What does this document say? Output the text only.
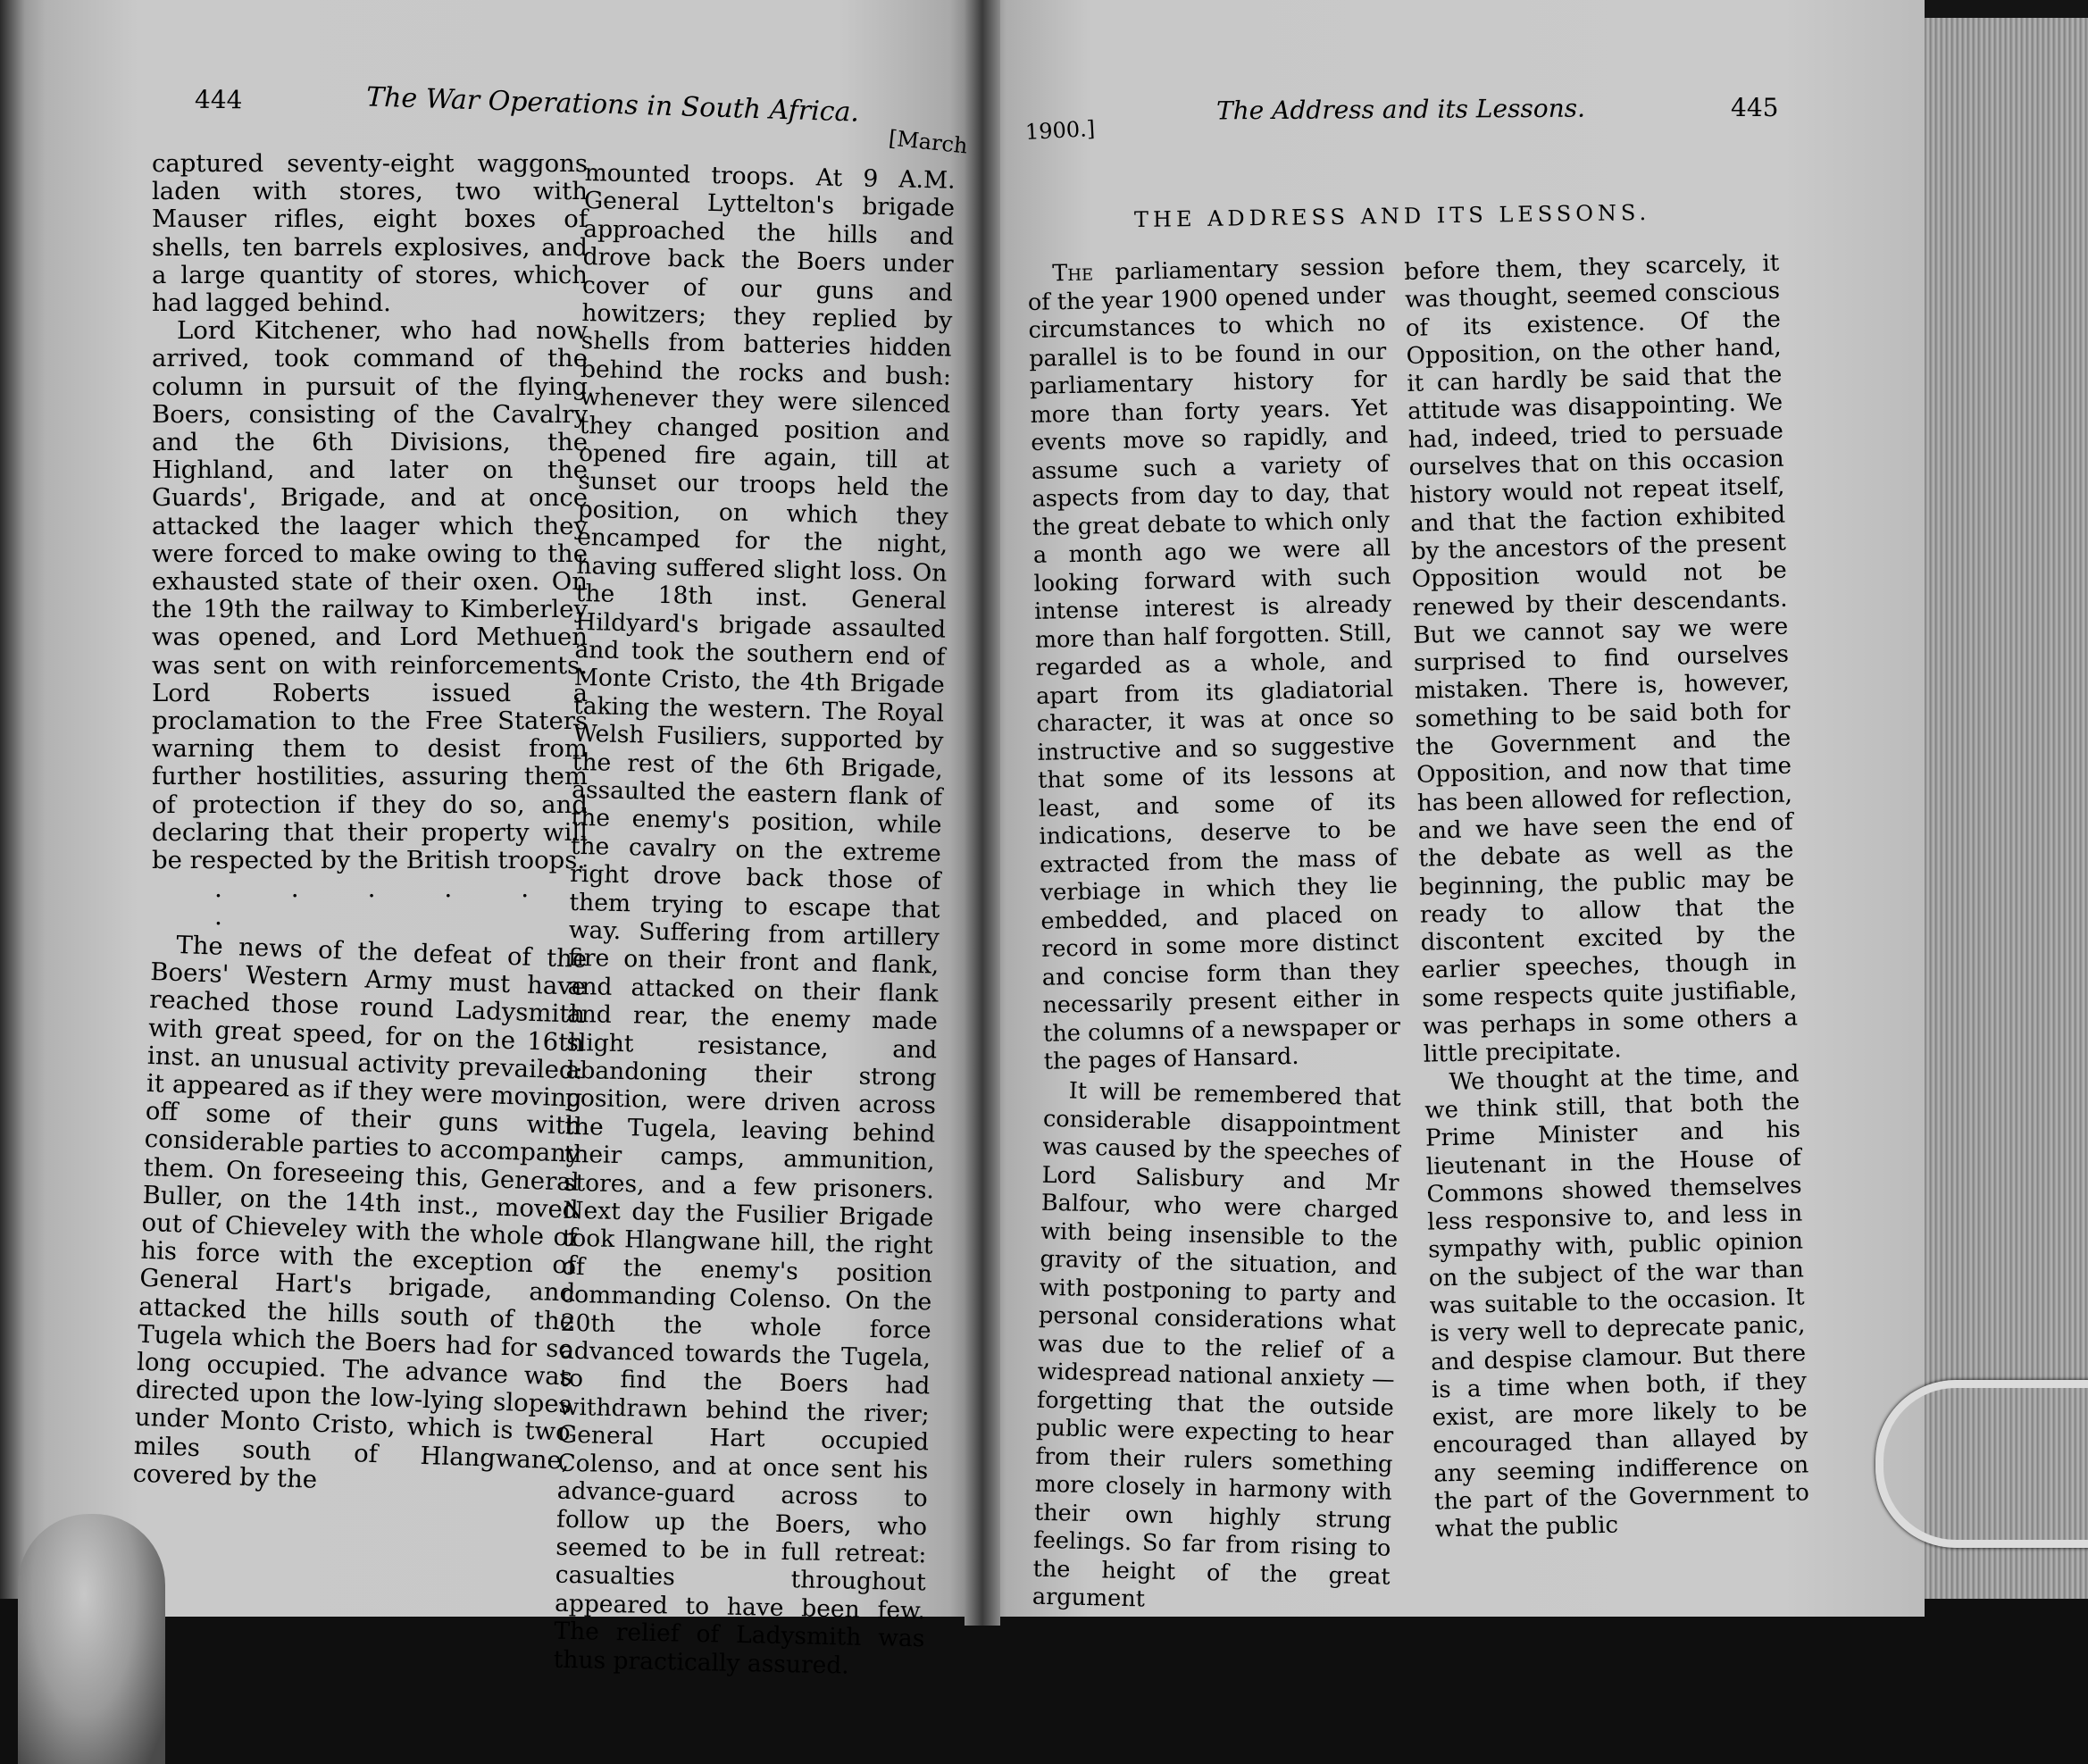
444	The War Operations in South Africa.
[March

captured seventy-eight waggons laden with stores, two with Mauser rifles, eight boxes of shells, ten barrels explosives, and a large quantity of stores, which had lagged behind.

Lord Kitchener, who had now arrived, took command of the column in pursuit of the flying Boers, consisting of the Cavalry and the 6th Divisions, the Highland, and later on the Guards', Brigade, and at once attacked the laager which they were forced to make owing to the exhausted state of their oxen. On the 19th the railway to Kimberley was opened, and Lord Methuen was sent on with reinforcements. Lord Roberts issued a proclamation to the Free Staters warning them to desist from further hostilities, assuring them of protection if they do so, and declaring that their property will be respected by the British troops.

. . . . . .

The news of the defeat of the Boers' Western Army must have reached those round Ladysmith with great speed, for on the 16th inst. an unusual activity prevailed: it appeared as if they were moving off some of their guns with considerable parties to accompany them. On foreseeing this, General Buller, on the 14th inst., moved out of Chieveley with the whole of his force with the exception of General Hart's brigade, and attacked the hills south of the Tugela which the Boers had for so long occupied. The advance was directed upon the low-lying slopes under Monto Cristo, which is two miles south of Hlangwane, covered by the

mounted troops. At 9 A.M. General Lyttelton's brigade approached the hills and drove back the Boers under cover of our guns and howitzers; they replied by shells from batteries hidden behind the rocks and bush: whenever they were silenced they changed position and opened fire again, till at sunset our troops held the position, on which they encamped for the night, having suffered slight loss. On the 18th inst. General Hildyard's brigade assaulted and took the southern end of Monte Cristo, the 4th Brigade taking the western. The Royal Welsh Fusiliers, supported by the rest of the 6th Brigade, assaulted the eastern flank of the enemy's position, while the cavalry on the extreme right drove back those of them trying to escape that way. Suffering from artillery fire on their front and flank, and attacked on their flank and rear, the enemy made slight resistance, and abandoning their strong position, were driven across the Tugela, leaving behind their camps, ammunition, stores, and a few prisoners. Next day the Fusilier Brigade took Hlangwane hill, the right of the enemy's position commanding Colenso. On the 20th the whole force advanced towards the Tugela, to find the Boers had withdrawn behind the river; General Hart occupied Colenso, and at once sent his advance-guard across to follow up the Boers, who seemed to be in full retreat: casualties throughout appeared to have been few. The relief of Ladysmith was thus practically assured.

1900.]
The Address and its Lessons.	445
THE ADDRESS AND ITS LESSONS.

The parliamentary session of the year 1900 opened under circumstances to which no parallel is to be found in our parliamentary history for more than forty years. Yet events move so rapidly, and assume such a variety of aspects from day to day, that the great debate to which only a month ago we were all looking forward with such intense interest is already more than half forgotten. Still, regarded as a whole, and apart from its gladiatorial character, it was at once so instructive and so suggestive that some of its lessons at least, and some of its indications, deserve to be extracted from the mass of verbiage in which they lie embedded, and placed on record in some more distinct and concise form than they necessarily present either in the columns of a newspaper or the pages of Hansard.

It will be remembered that considerable disappointment was caused by the speeches of Lord Salisbury and Mr Balfour, who were charged with being insensible to the gravity of the situation, and with postponing to party and personal considerations what was due to the relief of a widespread national anxiety — forgetting that the outside public were expecting to hear from their rulers something more closely in harmony with their own highly strung feelings. So far from rising to the height of the great argument

before them, they scarcely, it was thought, seemed conscious of its existence. Of the Opposition, on the other hand, it can hardly be said that the attitude was disappointing. We had, indeed, tried to persuade ourselves that on this occasion history would not repeat itself, and that the faction exhibited by the ancestors of the present Opposition would not be renewed by their descendants. But we cannot say we were surprised to find ourselves mistaken. There is, however, something to be said both for the Government and the Opposition, and now that time has been allowed for reflection, and we have seen the end of the debate as well as the beginning, the public may be ready to allow that the discontent excited by the earlier speeches, though in some respects quite justifiable, was perhaps in some others a little precipitate.

We thought at the time, and we think still, that both the Prime Minister and his lieutenant in the House of Commons showed themselves less responsive to, and less in sympathy with, public opinion on the subject of the war than was suitable to the occasion. It is very well to deprecate panic, and despise clamour. But there is a time when both, if they exist, are more likely to be encouraged than allayed by any seeming indifference on the part of the Government to what the public
